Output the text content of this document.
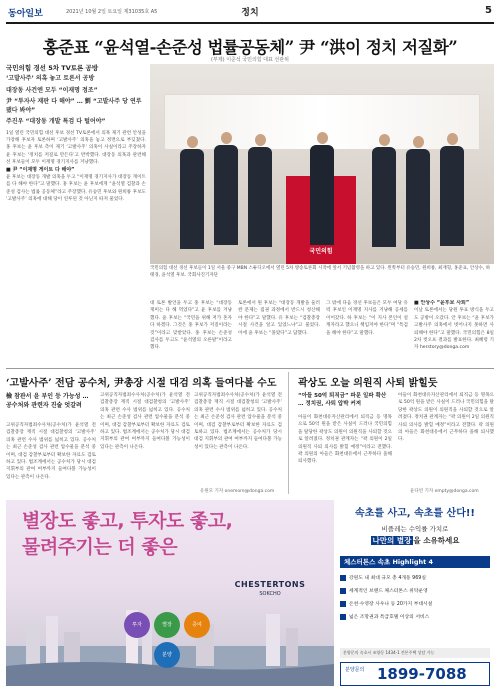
동아일보	2021년 10월 2일 토요일 제31035호 A5	정치	5
홍준표 “윤석열-손준성 법률공동체” 尹 “洪이 정치 저질화”
(부제) 이준석 국민의힘 대표 선관위
국민의힘 경선 5차 TV토론 공방
‘고발사주’ 의혹 놓고 토론서 공방
대장동 사건엔 모두 “이재명 정조”
尹 “투자사 재판 다 해야” … 劉 “고발사주 당 연루됐다 봐야”
주진우 “대장동 개발 특검 다 털어야”

1일 열린 국민의힘 대선 후보 경선 TV토론에서 의혹 제기 관련 안성을 가장해 후보자 토론하며 ‘고발사주’ 의혹을 놓고 정면으로 부딪쳤다. 홍 후보는 윤 후보 측이 제기 ‘고발사주’ 의혹이 사실이라고 주장하자 윤 후보는 ‘정치를 저질로 만든다’고 반박했다. 대장동 의혹과 관련해선 후보들이 모두 이재명 경기지사를 겨냥했다.

■ 尹 “이재명 게이트 다 해야”

윤 후보는 대장동 개발 의혹을 두고 “이재명 경기지사가 대장동 게이트를 다 해야 한다”고 말했다. 홍 후보는 윤 후보에게 “윤석열 검찰과 손준성 검사는 법률 공동체”라고 주장했다. 유승민 후보와 원희룡 후보도 ‘고발사주’ 의혹에 대해 당이 연루된 것 아닌지 따져 물었다.

국민의힘
국민의힘 대선 경선 후보들이 1일 서울 중구 MBN 스튜디오에서 열린 5차 방송토론회 시작에 앞서 기념촬영을 하고 있다. 왼쪽부터 유승민, 원희룡, 최재형, 홍준표, 안상수, 하태경, 윤석열 후보. 국회사진기자단

대 토론 발언을 두고 홍 후보는 “대장동 재미는 다 해 먹었다”고 윤 후보를 겨냥했다. 윤 후보는 “국민을 위해 저가 혼자 다 하겠다. 그것은 홍 후보가 저질이라는 것”이라고 맞받았다. 홍 후보는 손준성 검사를 두고도 “윤석열의 오른팔”이라고 했다.

토론에서 원 후보는 “대장동 개발을 둘러싼 문제는 집권 과정에서 반드시 청산해야 한다”고 말했다. 유 후보는 “검찰총장 시절 사건을 알고 있었느냐”고 물었다. 이에 윤 후보는 “몰랐다”고 답했다.

그 밖에 다음 경선 후보들은 모두 여당 유력 후보인 이재명 지사를 겨냥해 공세를 이어갔다. 하 후보는 “이 지사 본인이 설계자라고 했으니 책임져야 한다”며 “특검을 해야 한다”고 말했다.

■ 안상수 “윤후보 사퇴”

이날 토론에서는 당원 투표 방식을 두고도 공방이 오갔다. 안 후보는 “윤 후보가 고발사주 의혹에서 벗어나지 못하면 사퇴해야 한다”고 말했다. 국민의힘은 8일 2차 컷오프 결과를 발표한다. 최혜령 기자 herstory@donga.com

‘고발사주’ 전담 공수처, 尹총장 시절 대검 의혹 들여다볼 수도
檢 참관서 윤 부인 등 가능성 … 공수처와 관련자 진술 엇갈려

고위공직자범죄수사처(공수처)가 윤석열 전 검찰총장 재직 시절 대검찰청의 ‘고발사주’ 의혹 관련 수사 범위를 넓히고 있다. 공수처는 최근 손준성 검사 관련 압수물을 분석 중이며, 대검 감찰부로부터 확보한 자료도 검토하고 있다. 법조계에서는 공수처가 당시 대검 지휘부의 관여 여부까지 들여다볼 가능성이 있다는 관측이 나온다.

고위공직자범죄수사처(공수처)가 윤석열 전 검찰총장 재직 시절 대검찰청의 ‘고발사주’ 의혹 관련 수사 범위를 넓히고 있다. 공수처는 최근 손준성 검사 관련 압수물을 분석 중이며, 대검 감찰부로부터 확보한 자료도 검토하고 있다. 법조계에서는 공수처가 당시 대검 지휘부의 관여 여부까지 들여다볼 가능성이 있다는 관측이 나온다.

고위공직자범죄수사처(공수처)가 윤석열 전 검찰총장 재직 시절 대검찰청의 ‘고발사주’ 의혹 관련 수사 범위를 넓히고 있다. 공수처는 최근 손준성 검사 관련 압수물을 분석 중이며, 대검 감찰부로부터 확보한 자료도 검토하고 있다. 법조계에서는 공수처가 당시 대검 지휘부의 관여 여부까지 들여다볼 가능성이 있다는 관측이 나온다.

유원모 기자 onemore@donga.com
곽상도 오늘 의원직 사퇴 밝힐듯
“아들 50억 퇴직금” 파문 일파 확산 … 정치권, 사퇴 압박 커져

아들이 화천대유자산관리에서 퇴직금 등 명목으로 50억 원을 받은 사실이 드러나 국민의힘을 탈당한 곽상도 의원이 의원직을 사퇴할 것으로 알려졌다. 정치권 관계자는 “곽 의원이 2일 의원직 사퇴 의사를 밝힐 예정”이라고 전했다. 곽 의원의 아들은 화천대유에서 근무하다 올해 퇴사했다.

아들이 화천대유자산관리에서 퇴직금 등 명목으로 50억 원을 받은 사실이 드러나 국민의힘을 탈당한 곽상도 의원이 의원직을 사퇴할 것으로 알려졌다. 정치권 관계자는 “곽 의원이 2일 의원직 사퇴 의사를 밝힐 예정”이라고 전했다. 곽 의원의 아들은 화천대유에서 근무하다 올해 퇴사했다.

윤다빈 기자 empty@donga.com
별장도 좋고, 투자도 좋고,
물려주기는 더 좋은
CHESTERTONS
SOKCHO
투자	별장	증여
분양
속초를 사고, 속초를 산다!!
비플레는 수익률 가치로
나만의 별장 을 소유하세요
체스터톤스 속초 Highlight 4
강원도 내 최대 규모 총 4개동 969실
세계적인 브랜드 체스터톤스 위탁운영
온천·수영장 사우나 등 20가지 부대시설
넓은 조망권과 특급호텔 이상의 서비스
분양문의 속초시 조양동 1434-1 견본주택 상담 가능
분양문의 1899-7088
